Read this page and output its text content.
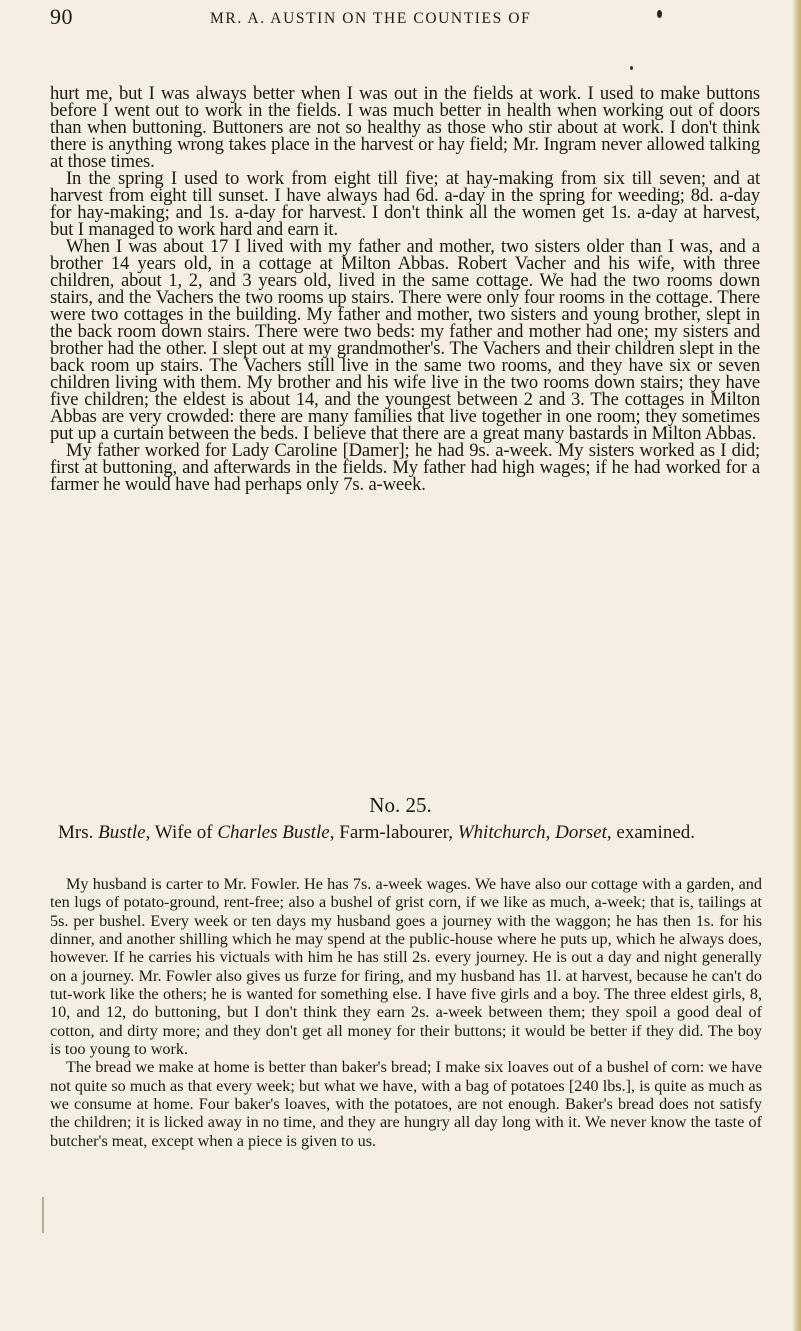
90	MR. A. AUSTIN ON THE COUNTIES OF

hurt me, but I was always better when I was out in the fields at work. I used to make buttons before I went out to work in the fields. I was much better in health when working out of doors than when buttoning. Buttoners are not so healthy as those who stir about at work. I don't think there is anything wrong takes place in the harvest or hay field; Mr. Ingram never allowed talking at those times.

In the spring I used to work from eight till five; at hay-making from six till seven; and at harvest from eight till sunset. I have always had 6d. a-day in the spring for weeding; 8d. a-day for hay-making; and 1s. a-day for harvest. I don't think all the women get 1s. a-day at harvest, but I managed to work hard and earn it.

When I was about 17 I lived with my father and mother, two sisters older than I was, and a brother 14 years old, in a cottage at Milton Abbas. Robert Vacher and his wife, with three children, about 1, 2, and 3 years old, lived in the same cottage. We had the two rooms down stairs, and the Vachers the two rooms up stairs. There were only four rooms in the cottage. There were two cottages in the building. My father and mother, two sisters and young brother, slept in the back room down stairs. There were two beds: my father and mother had one; my sisters and brother had the other. I slept out at my grandmother's. The Vachers and their children slept in the back room up stairs. The Vachers still live in the same two rooms, and they have six or seven children living with them. My brother and his wife live in the two rooms down stairs; they have five children; the eldest is about 14, and the youngest between 2 and 3. The cottages in Milton Abbas are very crowded: there are many families that live together in one room; they sometimes put up a curtain between the beds. I believe that there are a great many bastards in Milton Abbas.

My father worked for Lady Caroline [Damer]; he had 9s. a-week. My sisters worked as I did; first at buttoning, and afterwards in the fields. My father had high wages; if he had worked for a farmer he would have had perhaps only 7s. a-week.

No. 25.
Mrs. Bustle, Wife of Charles Bustle, Farm-labourer, Whitchurch, Dorset, examined.

My husband is carter to Mr. Fowler. He has 7s. a-week wages. We have also our cottage with a garden, and ten lugs of potato-ground, rent-free; also a bushel of grist corn, if we like as much, a-week; that is, tailings at 5s. per bushel. Every week or ten days my husband goes a journey with the waggon; he has then 1s. for his dinner, and another shilling which he may spend at the public-house where he puts up, which he always does, however. If he carries his victuals with him he has still 2s. every journey. He is out a day and night generally on a journey. Mr. Fowler also gives us furze for firing, and my husband has 1l. at harvest, because he can't do tut-work like the others; he is wanted for something else. I have five girls and a boy. The three eldest girls, 8, 10, and 12, do buttoning, but I don't think they earn 2s. a-week between them; they spoil a good deal of cotton, and dirty more; and they don't get all money for their buttons; it would be better if they did. The boy is too young to work.

The bread we make at home is better than baker's bread; I make six loaves out of a bushel of corn: we have not quite so much as that every week; but what we have, with a bag of potatoes [240 lbs.], is quite as much as we consume at home. Four baker's loaves, with the potatoes, are not enough. Baker's bread does not satisfy the children; it is licked away in no time, and they are hungry all day long with it. We never know the taste of butcher's meat, except when a piece is given to us.
